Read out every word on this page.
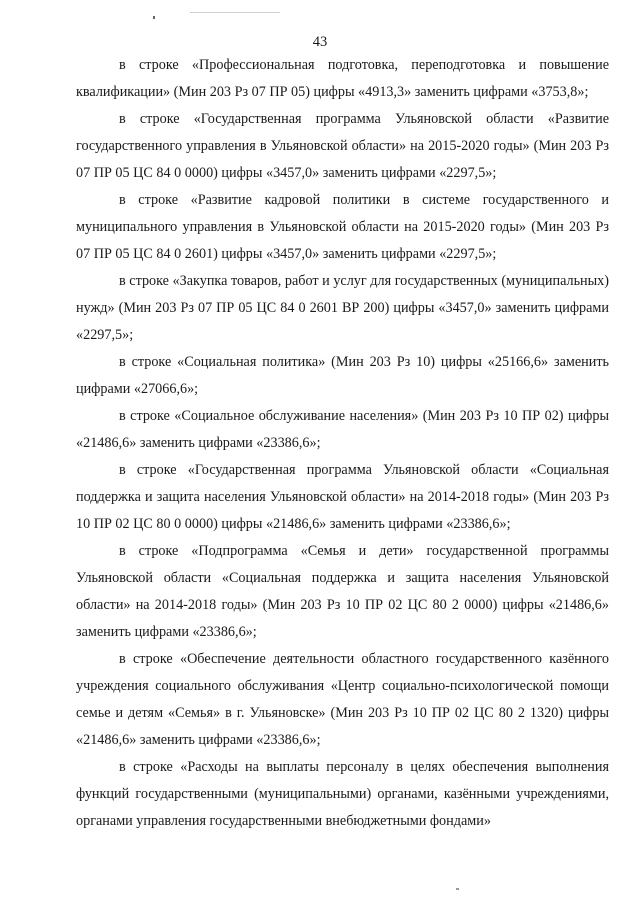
43

в строке «Профессиональная подготовка, переподготовка и повышение квалификации» (Мин 203 Рз 07 ПР 05) цифры «4913,3» заменить цифрами «3753,8»;

в строке «Государственная программа Ульяновской области «Развитие государственного управления в Ульяновской области» на 2015-2020 годы» (Мин 203 Рз 07 ПР 05 ЦС 84 0 0000) цифры «3457,0» заменить цифрами «2297,5»;

в строке «Развитие кадровой политики в системе государственного и муниципального управления в Ульяновской области на 2015-2020 годы» (Мин 203 Рз 07 ПР 05 ЦС 84 0 2601) цифры «3457,0» заменить цифрами «2297,5»;

в строке «Закупка товаров, работ и услуг для государственных (муниципальных) нужд» (Мин 203 Рз 07 ПР 05 ЦС 84 0 2601 ВР 200) цифры «3457,0» заменить цифрами «2297,5»;

в строке «Социальная политика» (Мин 203 Рз 10) цифры «25166,6» заменить цифрами «27066,6»;

в строке «Социальное обслуживание населения» (Мин 203 Рз 10 ПР 02) цифры «21486,6» заменить цифрами «23386,6»;

в строке «Государственная программа Ульяновской области «Социальная поддержка и защита населения Ульяновской области» на 2014-2018 годы» (Мин 203 Рз 10 ПР 02 ЦС 80 0 0000) цифры «21486,6» заменить цифрами «23386,6»;

в строке «Подпрограмма «Семья и дети» государственной программы Ульяновской области «Социальная поддержка и защита населения Ульяновской области» на 2014-2018 годы» (Мин 203 Рз 10 ПР 02 ЦС 80 2 0000) цифры «21486,6» заменить цифрами «23386,6»;

в строке «Обеспечение деятельности областного государственного казённого учреждения социального обслуживания «Центр социально-психологической помощи семье и детям «Семья» в г. Ульяновске» (Мин 203 Рз 10 ПР 02 ЦС 80 2 1320) цифры «21486,6» заменить цифрами «23386,6»;

в строке «Расходы на выплаты персоналу в целях обеспечения выполнения функций государственными (муниципальными) органами, казёнными учреждениями, органами управления государственными внебюджетными фондами»
